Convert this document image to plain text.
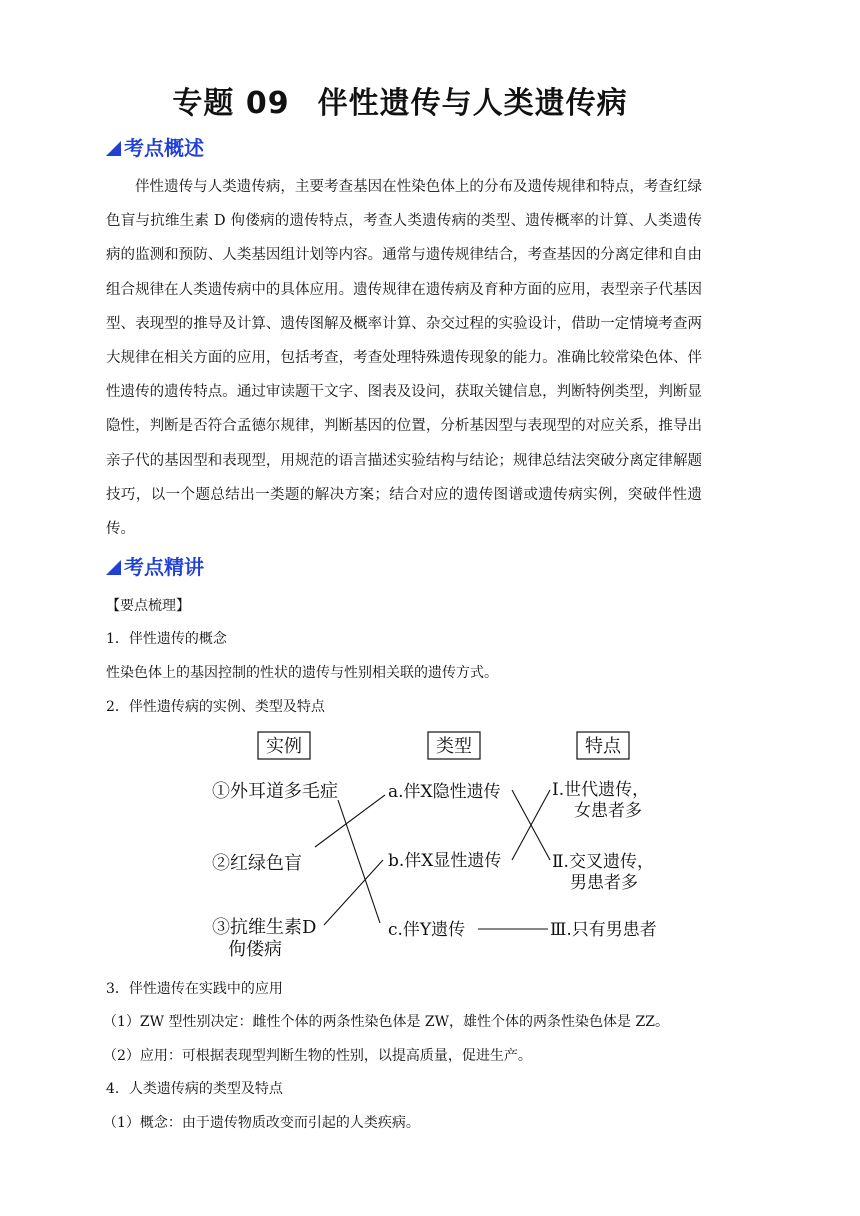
专题 09 伴性遗传与人类遗传病
考点概述
伴性遗传与人类遗传病，主要考查基因在性染色体上的分布及遗传规律和特点，考查红绿色盲与抗维生素 D 佝偻病的遗传特点，考查人类遗传病的类型、遗传概率的计算、人类遗传病的监测和预防、人类基因组计划等内容。通常与遗传规律结合，考查基因的分离定律和自由组合规律在人类遗传病中的具体应用。遗传规律在遗传病及育种方面的应用，表型亲子代基因型、表现型的推导及计算、遗传图解及概率计算、杂交过程的实验设计，借助一定情境考查两大规律在相关方面的应用，包括考查，考查处理特殊遗传现象的能力。准确比较常染色体、伴性遗传的遗传特点。通过审读题干文字、图表及设问，获取关键信息，判断特例类型，判断显隐性，判断是否符合孟德尔规律，判断基因的位置，分析基因型与表现型的对应关系，推导出亲子代的基因型和表现型，用规范的语言描述实验结构与结论；规律总结法突破分离定律解题技巧，以一个题总结出一类题的解决方案；结合对应的遗传图谱或遗传病实例，突破伴性遗传。
考点精讲
【要点梳理】
1．伴性遗传的概念
性染色体上的基因控制的性状的遗传与性别相关联的遗传方式。
2．伴性遗传病的实例、类型及特点
实例	类型	特点
①外耳道多毛症
②红绿色盲
③抗维生素D
佝偻病
a.伴X隐性遗传
b.伴X显性遗传
c.伴Y遗传
Ⅰ.世代遗传，
女患者多
Ⅱ.交叉遗传，
男患者多
Ⅲ.只有男患者
3．伴性遗传在实践中的应用
（1）ZW 型性别决定：雌性个体的两条性染色体是 ZW，雄性个体的两条性染色体是 ZZ。
（2）应用：可根据表现型判断生物的性别，以提高质量，促进生产。
4．人类遗传病的类型及特点
（1）概念：由于遗传物质改变而引起的人类疾病。
